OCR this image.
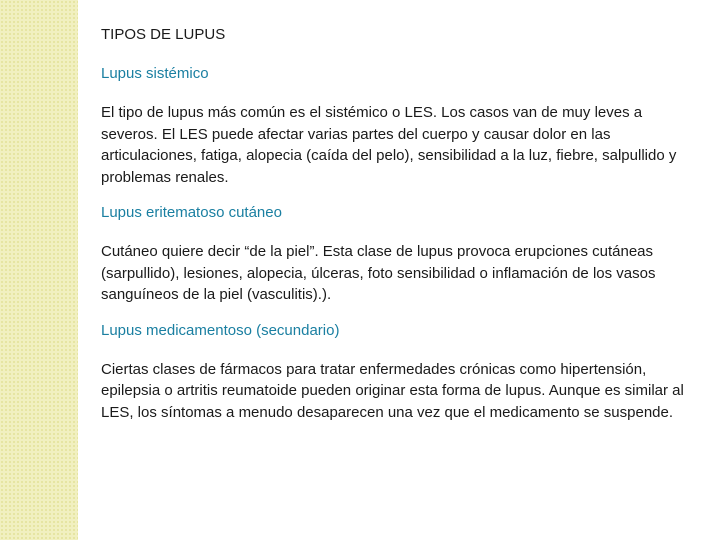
TIPOS DE LUPUS
Lupus sistémico
El tipo de lupus más común es el sistémico o LES. Los casos van de muy leves a severos. El LES puede afectar varias partes del cuerpo y causar dolor en las articulaciones, fatiga, alopecia (caída del pelo), sensibilidad a la luz, fiebre, salpullido y problemas renales.
Lupus eritematoso cutáneo
Cutáneo quiere decir “de la piel”. Esta clase de lupus provoca erupciones cutáneas (sarpullido), lesiones, alopecia, úlceras, foto sensibilidad o inflamación de los vasos sanguíneos de la piel (vasculitis).).
Lupus medicamentoso (secundario)
Ciertas clases de fármacos para tratar enfermedades crónicas como hipertensión, epilepsia o artritis reumatoide pueden originar esta forma de lupus. Aunque es similar al LES, los síntomas a menudo desaparecen una vez que el medicamento se suspende.
